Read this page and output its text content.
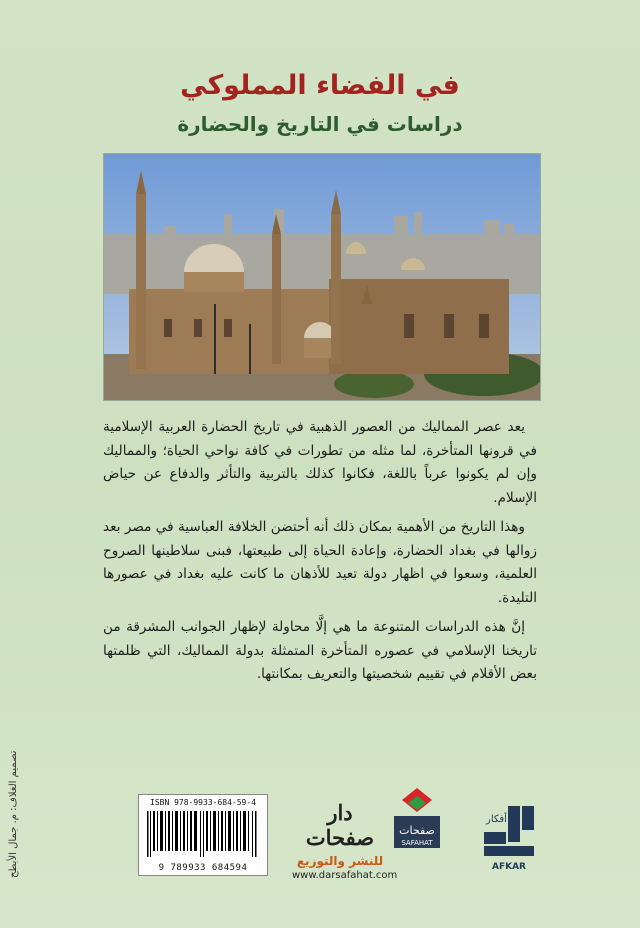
في الفضاء المملوكي
دراسات في التاريخ والحضارة

يعد عصر المماليك من العصور الذهبية في تاريخ الحضارة العربية الإسلامية في قرونها المتأخرة، لما مثله من تطورات في كافة نواحي الحياة؛ والمماليك وإن لم يكونوا عرباً باللغة، فكانوا كذلك بالتربية والتأثر والدفاع عن حياض الإسلام.

وهذا التاريخ من الأهمية بمكان ذلك أنه أحتضن الخلافة العباسية في مصر بعد زوالها في بغداد الحضارة، وإعادة الحياة إلى طبيعتها، فبنى سلاطينها الصروح العلمية، وسعوا في اظهار دولة تعيد للأذهان ما كانت عليه بغداد في عصورها التليدة.

إنَّ هذه الدراسات المتنوعة ما هي إلَّا محاولة لإظهار الجوانب المشرقة من تاريخنا الإسلامي في عصوره المتأخرة المتمثلة بدولة المماليك، التي ظلمتها بعض الأقلام في تقييم شخصيتها والتعريف بمكانتها.

تصميم الغلاف: م. جمال الأبطح	ISBN 978-9933-684-59-4
9 789933 684594
دار صفحات
للنشر والتوزيع
www.darsafahat.com
صفحات
SAFAHAT
AFKAR
أفكار
